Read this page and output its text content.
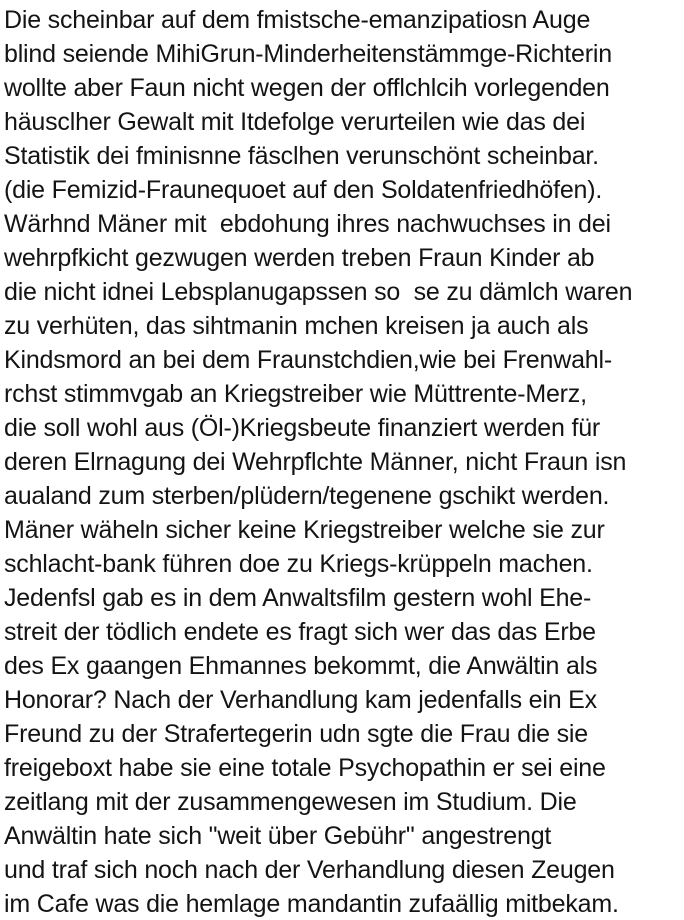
Die scheinbar auf dem fmistsche-emanzipatiosn Auge
blind seiende MihiGrun-Minderheitenstämmge-Richterin
wollte aber Faun nicht wegen der offlchlcih vorlegenden
häusclher Gewalt mit Itdefolge verurteilen wie das dei
Statistik dei fminisnne fäsclhen verunschönt scheinbar.
(die Femizid-Fraunequoet auf den Soldatenfriedhöfen).
Wärhnd Mäner mit  ebdohung ihres nachwuchses in dei
wehrpfkicht gezwugen werden treben Fraun Kinder ab
die nicht idnei Lebsplanugapssen so  se zu dämlch waren
zu verhüten, das sihtmanin mchen kreisen ja auch als
Kindsmord an bei dem Fraunstchdien,wie bei Frenwahl-
rchst stimmvgab an Kriegstreiber wie Müttrente-Merz,
die soll wohl aus (Öl-)Kriegsbeute finanziert werden für
deren Elrnagung dei Wehrpflchte Männer, nicht Fraun isn
aualand zum sterben/plüdern/tegenene gschikt werden.
Mäner wäheln sicher keine Kriegstreiber welche sie zur
schlacht-bank führen doe zu Kriegs-krüppeln machen.
Jedenfsl gab es in dem Anwaltsfilm gestern wohl Ehe-
streit der tödlich endete es fragt sich wer das das Erbe
des Ex gaangen Ehmannes bekommt, die Anwältin als
Honorar? Nach der Verhandlung kam jedenfalls ein Ex
Freund zu der Strafertegerin udn sgte die Frau die sie
freigeboxt habe sie eine totale Psychopathin er sei eine
zeitlang mit der zusammengewesen im Studium. Die
Anwältin hate sich "weit über Gebühr" angestrengt
und traf sich noch nach der Verhandlung diesen Zeugen
im Cafe was die hemlage mandantin zufaällig mitbekam.
